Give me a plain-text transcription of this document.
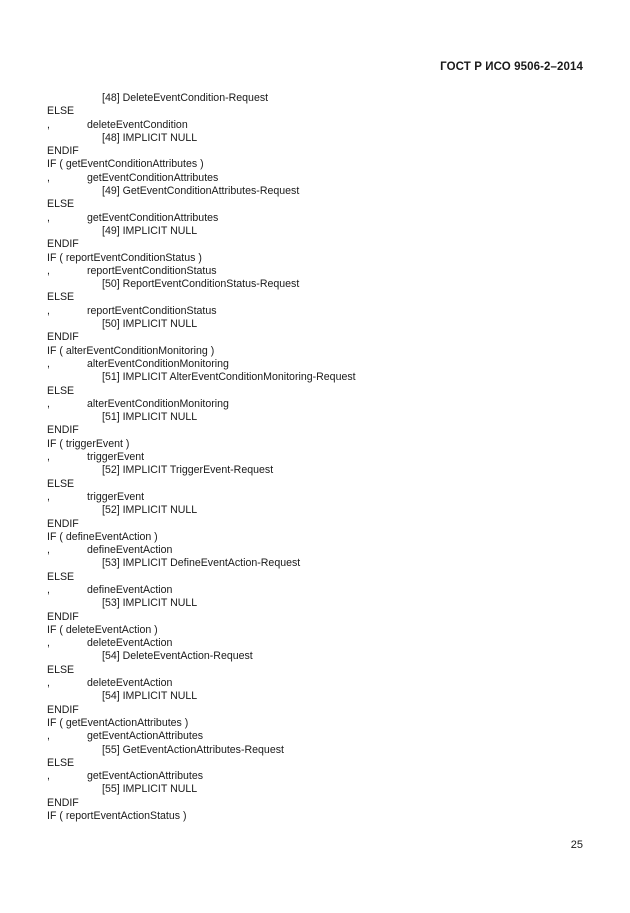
ГОСТ Р ИСО 9506-2–2014
[48] DeleteEventCondition-Request
ELSE
,	deleteEventCondition
[48] IMPLICIT NULL
ENDIF
IF ( getEventConditionAttributes )
,	getEventConditionAttributes
[49] GetEventConditionAttributes-Request
ELSE
,	getEventConditionAttributes
[49] IMPLICIT NULL
ENDIF
IF ( reportEventConditionStatus )
,	reportEventConditionStatus
[50] ReportEventConditionStatus-Request
ELSE
,	reportEventConditionStatus
[50] IMPLICIT NULL
ENDIF
IF ( alterEventConditionMonitoring )
,	alterEventConditionMonitoring
[51] IMPLICIT AlterEventConditionMonitoring-Request
ELSE
,	alterEventConditionMonitoring
[51] IMPLICIT NULL
ENDIF
IF ( triggerEvent )
,	triggerEvent
[52] IMPLICIT TriggerEvent-Request
ELSE
,	triggerEvent
[52] IMPLICIT NULL
ENDIF
IF ( defineEventAction )
,	defineEventAction
[53] IMPLICIT DefineEventAction-Request
ELSE
,	defineEventAction
[53] IMPLICIT NULL
ENDIF
IF ( deleteEventAction )
,	deleteEventAction
[54] DeleteEventAction-Request
ELSE
,	deleteEventAction
[54] IMPLICIT NULL
ENDIF
IF ( getEventActionAttributes )
,	getEventActionAttributes
[55] GetEventActionAttributes-Request
ELSE
,	getEventActionAttributes
[55] IMPLICIT NULL
ENDIF
IF ( reportEventActionStatus )
25
